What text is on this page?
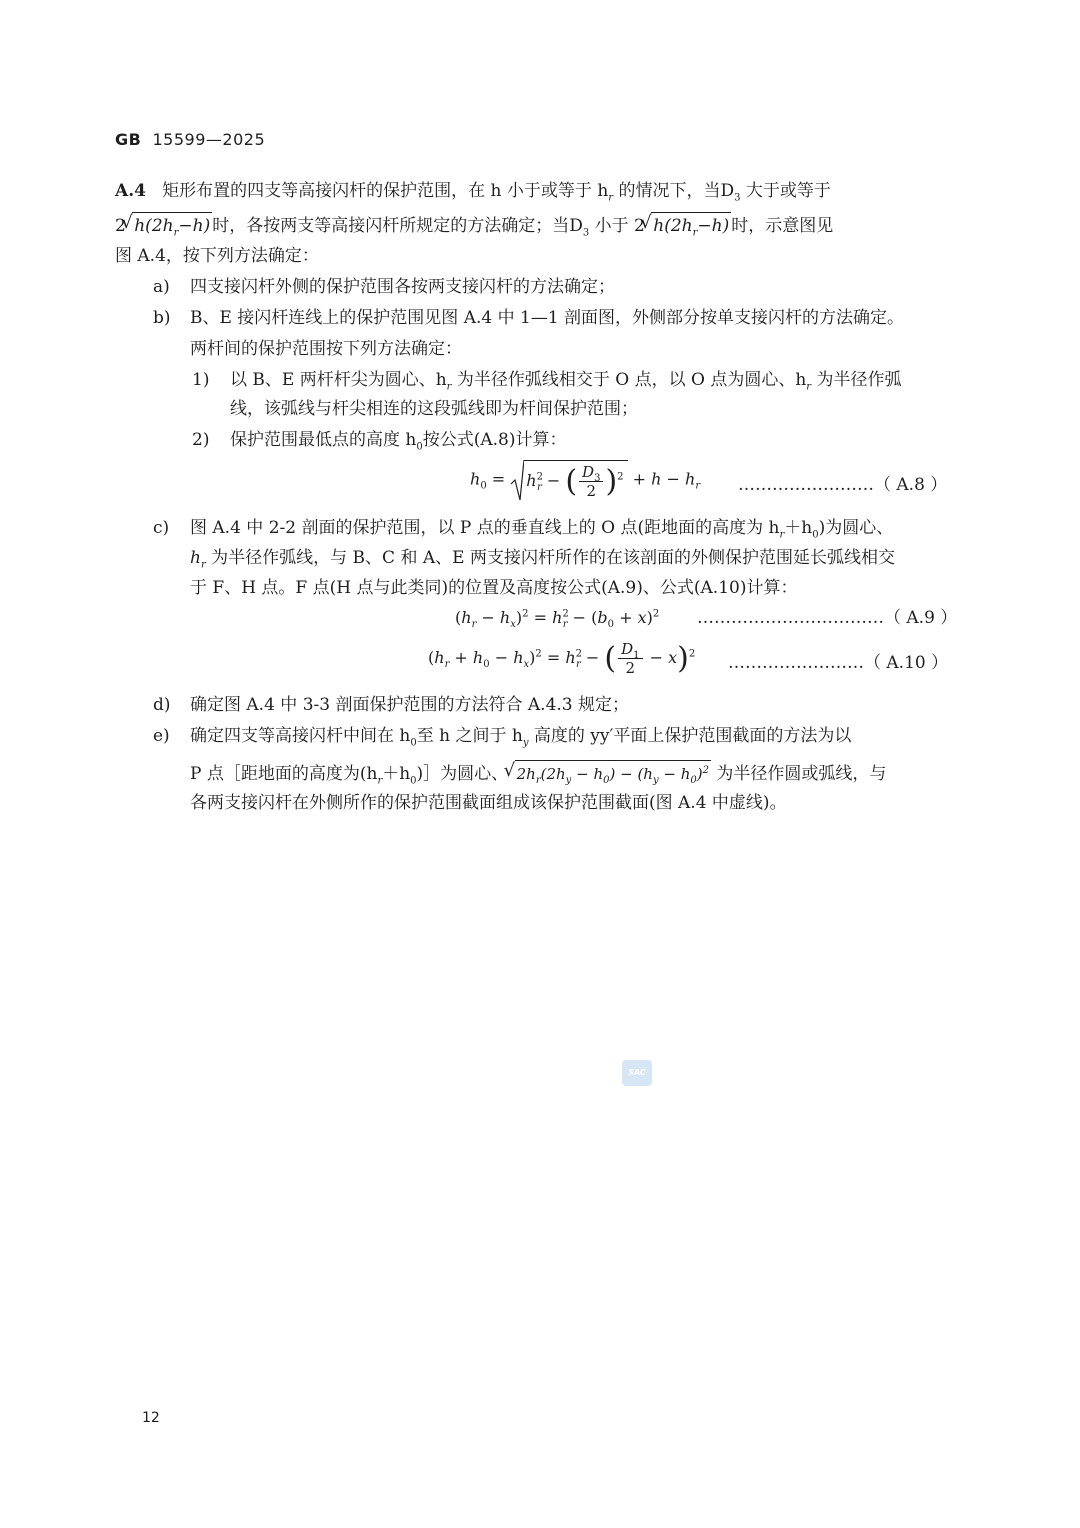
GB 15599—2025
A.4 矩形布置的四支等高接闪杆的保护范围，在 h 小于或等于 $h_r$ 的情况下，当$D_3$ 大于或等于
2 √ $h(2h_r-h)$ 时，各按两支等高接闪杆所规定的方法确定；当$D_3$ 小于 2 √ $h(2h_r-h)$ 时，示意图见
图 A.4，按下列方法确定：
a) 四支接闪杆外侧的保护范围各按两支接闪杆的方法确定；
b) B、E 接闪杆连线上的保护范围见图 A.4 中 1—1 剖面图，外侧部分按单支接闪杆的方法确定。
两杆间的保护范围按下列方法确定：
1) 以 B、E 两杆杆尖为圆心、$h_r$ 为半径作弧线相交于 O 点，以 O 点为圆心、$h_r$ 为半径作弧
线，该弧线与杆尖相连的这段弧线即为杆间保护范围；
2) 保护范围最低点的高度 $h_0$按公式(A.8)计算：
$h_0 = h^2_r$ − ( $\frac{D_3}{2} )^2 + h - h_r$ ……………………（ A.8 ）
c) 图 A.4 中 2-2 剖面的保护范围，以 P 点的垂直线上的 O 点(距地面的高度为 $h_r+h_0$)为圆心、
$h_r$ 为半径作弧线，与 B、C 和 A、E 两支接闪杆所作的在该剖面的外侧保护范围延长弧线相交
于 F、H 点。F 点(H 点与此类同)的位置及高度按公式(A.9)、公式(A.10)计算：
$(h_r - h_x)^2 = h^2_r - (b_0 + x)^2$ ……………………………（ A.9 ）
$(h_r + h_0 - h_x)^2 = h^2_r$ − ( $\frac{D_1}{2} - x)^2$ ……………………（ A.10 ）
d) 确定图 A.4 中 3-3 剖面保护范围的方法符合 A.4.3 规定；
e) 确定四支等高接闪杆中间在 $h_0$至 h 之间于 $h_y$ 高度的 yy′平面上保护范围截面的方法为以
P 点［距地面的高度为$(h_r+h_0)]$为圆心、 √ $2h_r(2h_y - h_0) - (h_y - h_0)^2$ 为半径作圆或弧线，与
各两支接闪杆在外侧所作的保护范围截面组成该保护范围截面(图 A.4 中虚线)。
SAC
12
